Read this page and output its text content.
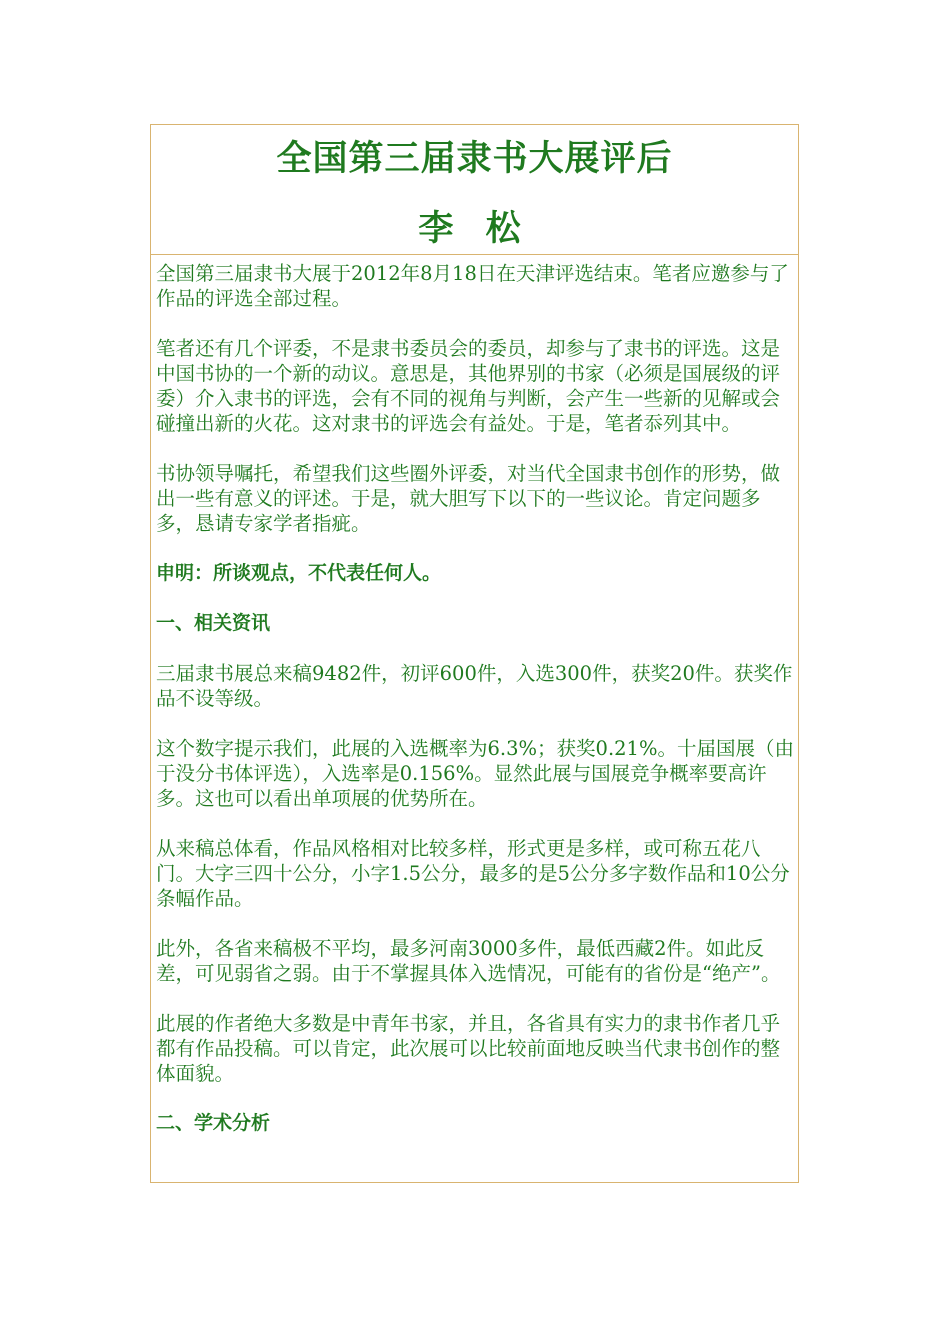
全国第三届隶书大展评后
李 松

全国第三届隶书大展于2012年8月18日在天津评选结束。笔者应邀参与了作品的评选全部过程。

笔者还有几个评委，不是隶书委员会的委员，却参与了隶书的评选。这是中国书协的一个新的动议。意思是，其他界别的书家（必须是国展级的评委）介入隶书的评选，会有不同的视角与判断，会产生一些新的见解或会碰撞出新的火花。这对隶书的评选会有益处。于是，笔者忝列其中。

书协领导嘱托，希望我们这些圈外评委，对当代全国隶书创作的形势，做出一些有意义的评述。于是，就大胆写下以下的一些议论。肯定问题多多，恳请专家学者指疵。

申明：所谈观点，不代表任何人。

一、相关资讯

三届隶书展总来稿9482件，初评600件，入选300件，获奖20件。获奖作品不设等级。

这个数字提示我们，此展的入选概率为6.3%；获奖0.21%。十届国展（由于没分书体评选），入选率是0.156%。显然此展与国展竞争概率要高许多。这也可以看出单项展的优势所在。

从来稿总体看，作品风格相对比较多样，形式更是多样，或可称五花八门。大字三四十公分，小字1.5公分，最多的是5公分多字数作品和10公分条幅作品。

此外，各省来稿极不平均，最多河南3000多件，最低西藏2件。如此反差，可见弱省之弱。由于不掌握具体入选情况，可能有的省份是“绝产”。

此展的作者绝大多数是中青年书家，并且，各省具有实力的隶书作者几乎都有作品投稿。可以肯定，此次展可以比较前面地反映当代隶书创作的整体面貌。

二、学术分析
